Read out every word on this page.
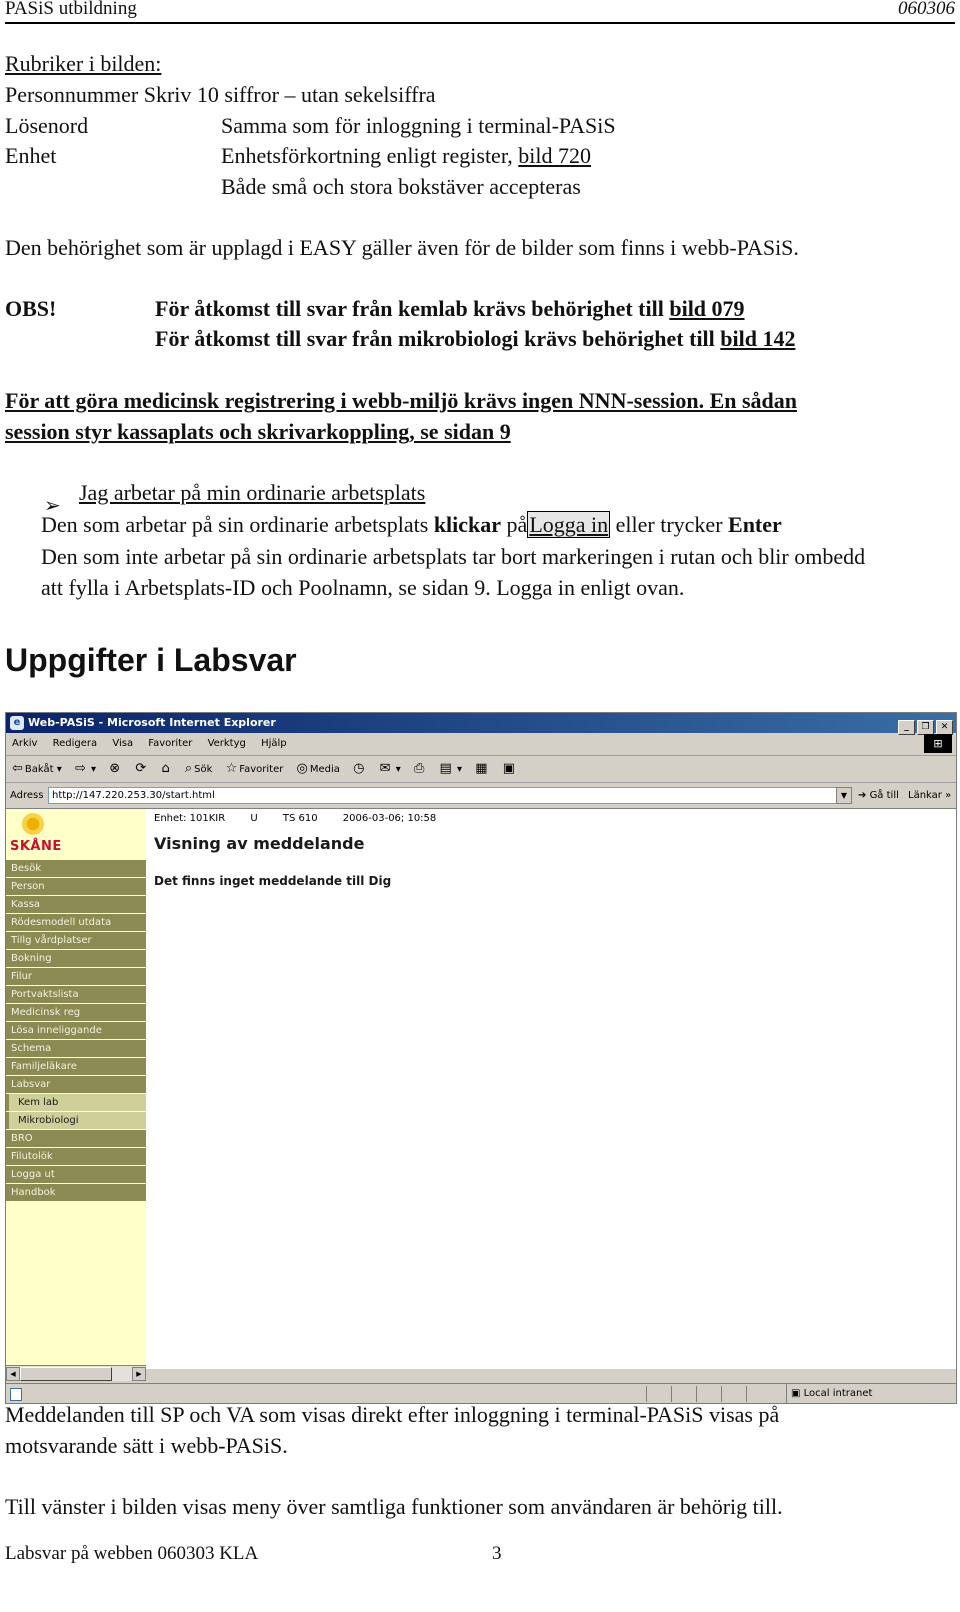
PASiS utbildning	060306
Rubriker i bilden:
Personnummer Skriv 10 siffror – utan sekelsiffra
Lösenord	Samma som för inloggning i terminal-PASiS
Enhet	Enhetsförkortning enligt register, bild 720
Både små och stora bokstäver accepteras
Den behörighet som är upplagd i EASY gäller även för de bilder som finns i webb-PASiS.
OBS!	För åtkomst till svar från kemlab krävs behörighet till bild 079
För åtkomst till svar från mikrobiologi krävs behörighet till bild 142
För att göra medicinsk registrering i webb-miljö krävs ingen NNN-session. En sådan
session styr kassaplats och skrivarkoppling, se sidan 9
➢
Jag arbetar på min ordinarie arbetsplats
Den som arbetar på sin ordinarie arbetsplats klickar påLogga in eller trycker Enter
Den som inte arbetar på sin ordinarie arbetsplats tar bort markeringen i rutan och blir ombedd
att fylla i Arbetsplats-ID och Poolnamn, se sidan 9. Logga in enligt ovan.
Uppgifter i Labsvar
e Web-PASiS - Microsoft Internet Explorer	_ ❐ ✕
Arkiv Redigera Visa Favoriter Verktyg Hjälp	⊞
⇦ Bakåt ▾ ⇨ ▾ ⊗ ⟳ ⌂ ⌕ Sök ☆ Favoriter ◎ Media ◷ ✉ ▾ ⎙ ▤ ▾ ▦ ▣
Adress http://147.220.253.30/start.html	▼	➔ Gå till Länkar »
SKÅNE
Besök
Person
Kassa
Rödesmodell utdata
Tillg vårdplatser
Bokning
Filur
Portvaktslista
Medicinsk reg
Lösa inneliggande
Schema
Familjeläkare
Labsvar
Kem lab
Mikrobiologi
BRO
Filutolök
Logga ut
Handbok
Enhet: 101KIR	U	TS 610	2006-03-06; 10:58
Visning av meddelande
Det finns inget meddelande till Dig
◀	▶
▣ Local intranet
Meddelanden till SP och VA som visas direkt efter inloggning i terminal-PASiS visas på
motsvarande sätt i webb-PASiS.
Till vänster i bilden visas meny över samtliga funktioner som användaren är behörig till.
Labsvar på webben 060303 KLA	3
